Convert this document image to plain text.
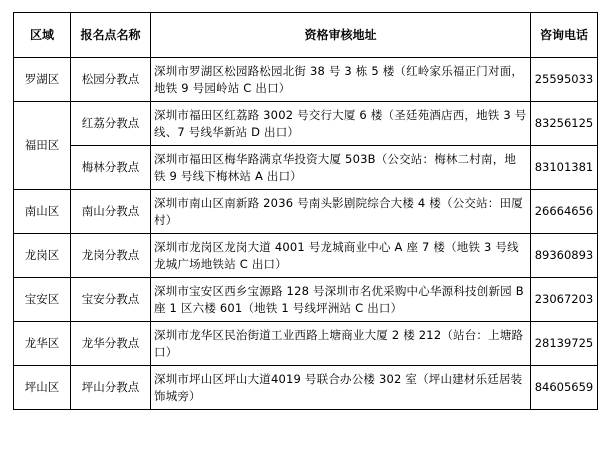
区域	报名点名称	资格审核地址	咨询电话
罗湖区	松园分教点	深圳市罗湖区松园路松园北街 38 号 3 栋 5 楼（红岭家乐福正门对面，地铁 9 号园岭站 C 出口）	25595033
福田区	红荔分教点	深圳市福田区红荔路 3002 号交行大厦 6 楼（圣廷苑酒店西，地铁 3 号线、7 号线华新站 D 出口）	83256125
	梅林分教点	深圳市福田区梅华路满京华投资大厦 503B（公交站：梅林二村南，地铁 9 号线下梅林站 A 出口）	83101381
南山区	南山分教点	深圳市南山区南新路 2036 号南头影剧院综合大楼 4 楼（公交站：田厦村）	26664656
龙岗区	龙岗分教点	深圳市龙岗区龙岗大道 4001 号龙城商业中心 A 座 7 楼（地铁 3 号线龙城广场地铁站 C 出口）	89360893
宝安区	宝安分教点	深圳市宝安区西乡宝源路 128 号深圳市名优采购中心华源科技创新园 B 座 1 区六楼 601（地铁 1 号线坪洲站 C 出口）	23067203
龙华区	龙华分教点	深圳市龙华区民治街道工业西路上塘商业大厦 2 楼 212（站台：上塘路口）	28139725
坪山区	坪山分教点	深圳市坪山区坪山大道4019 号联合办公楼 302 室（坪山建材乐廷居装饰城旁）	84605659
